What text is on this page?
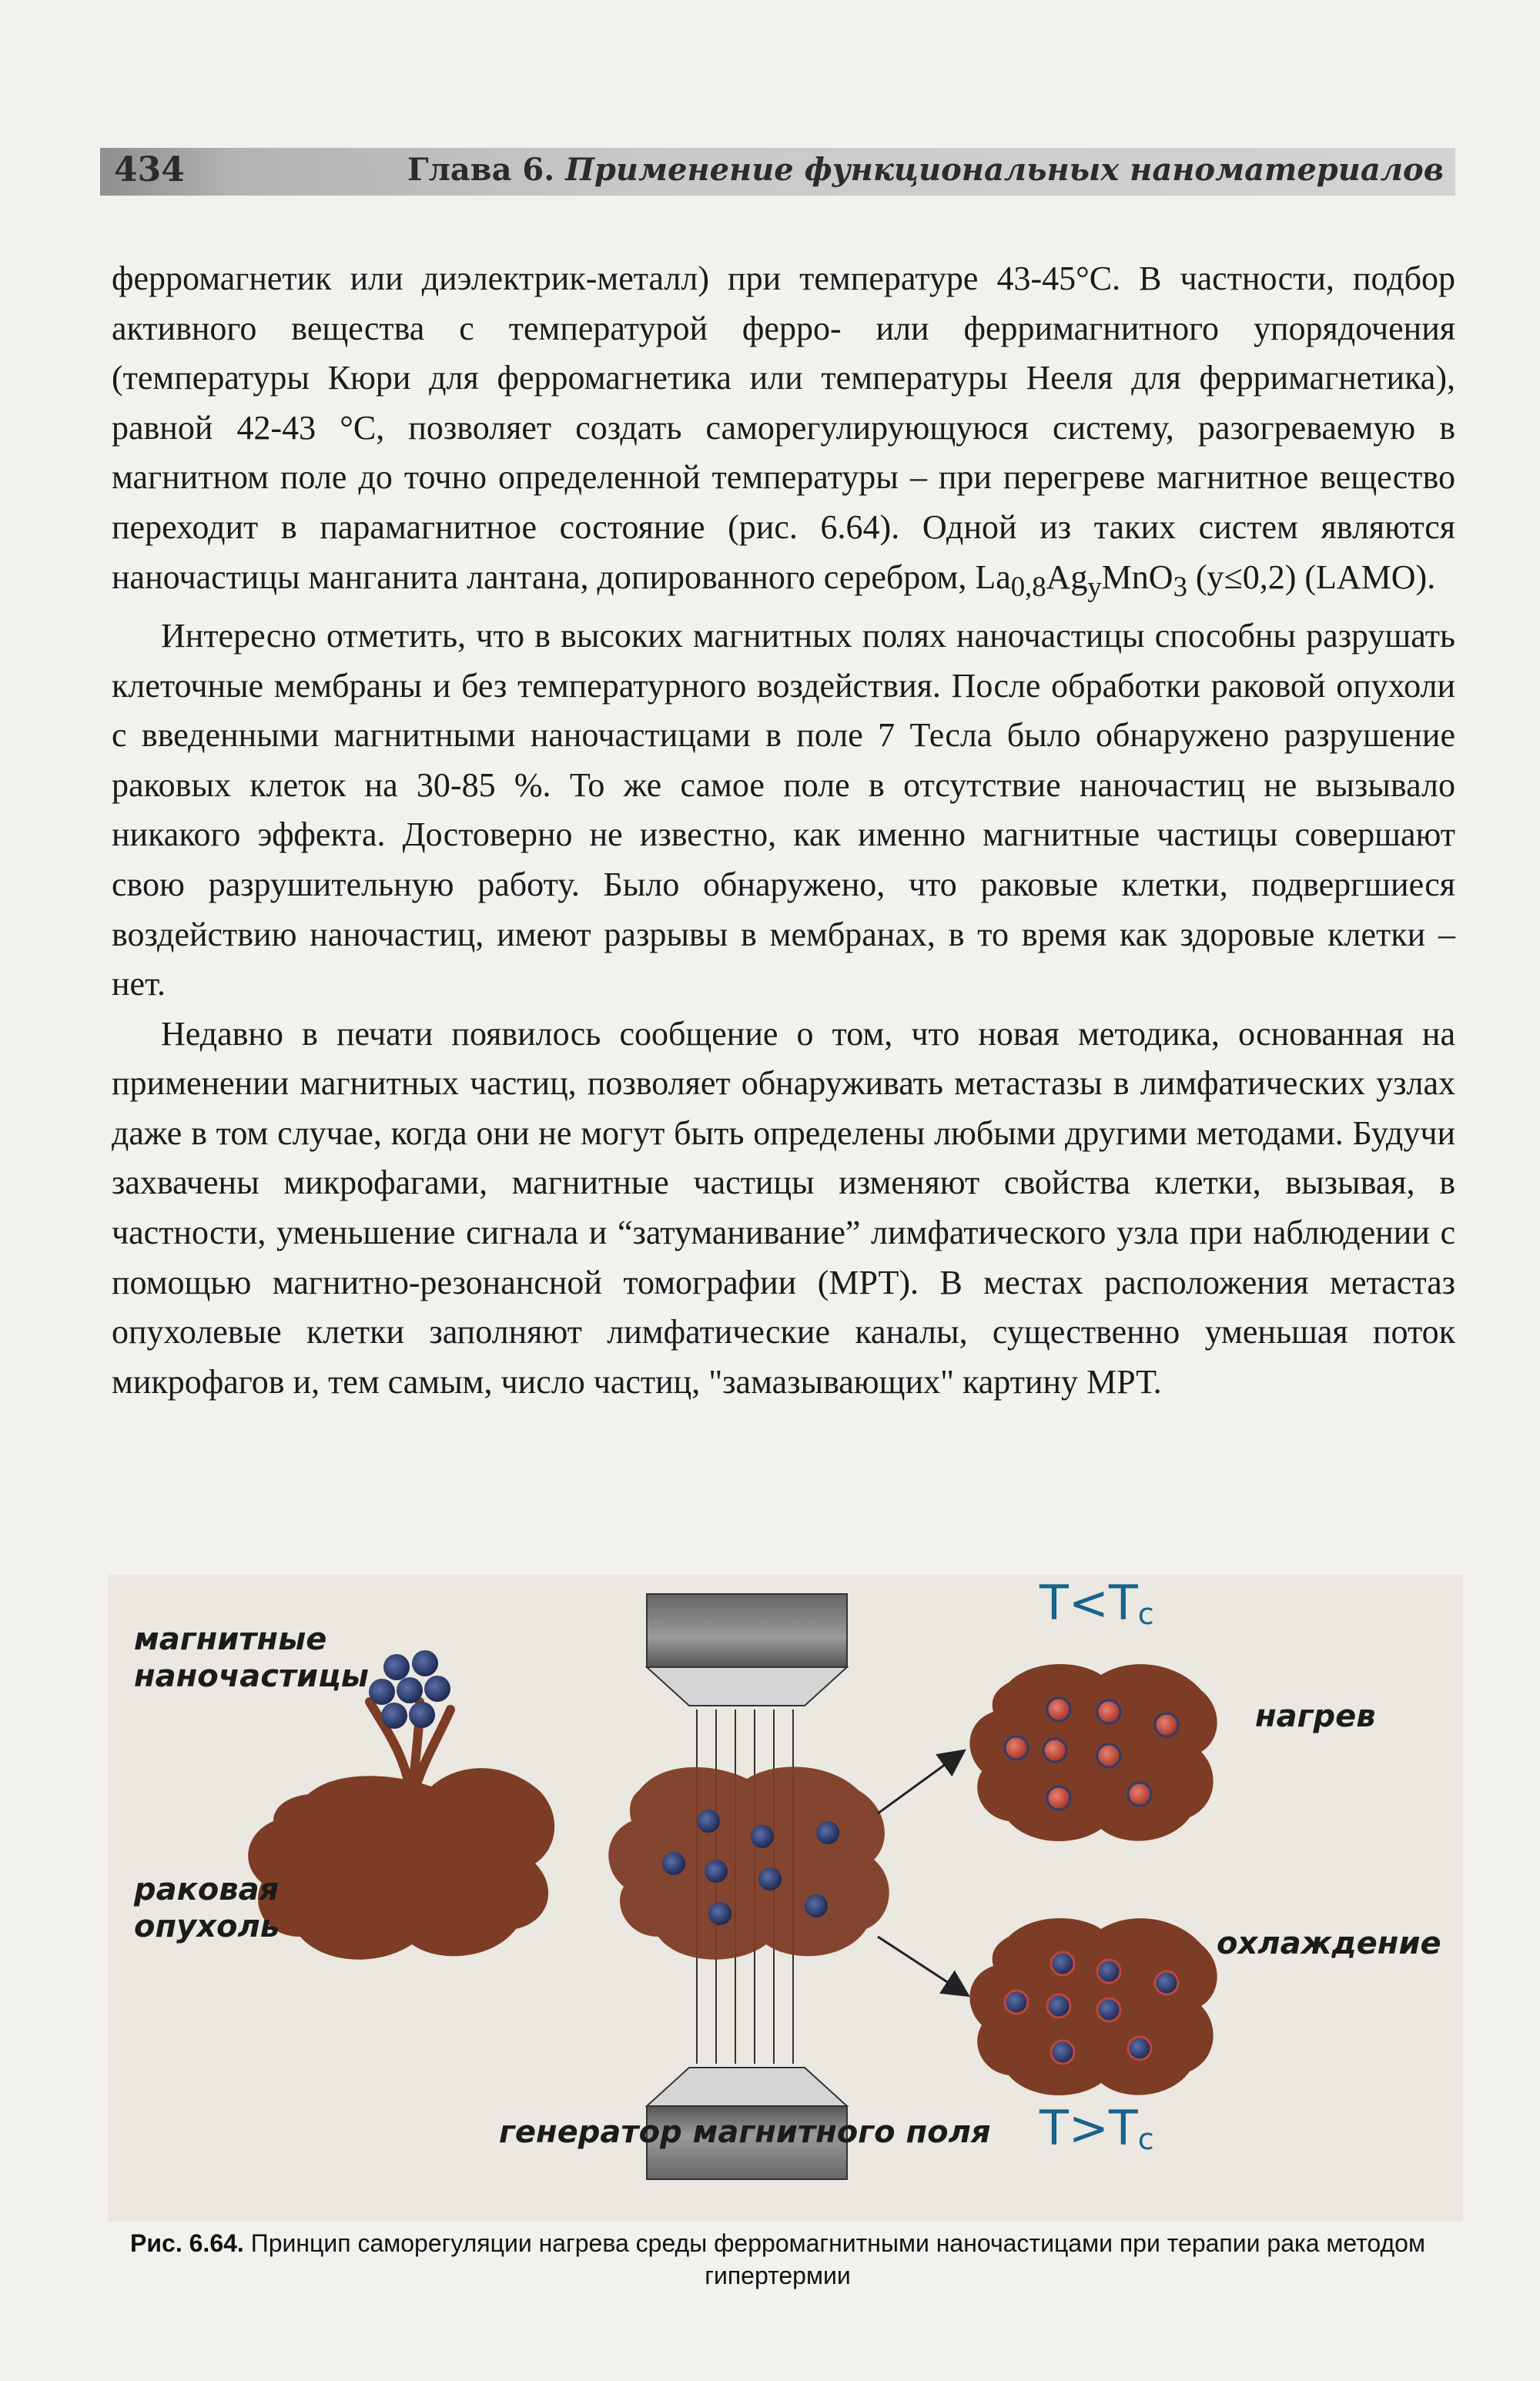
434	Глава 6. Применение функциональных наноматериалов

ферромагнетик или диэлектрик-металл) при температуре 43-45°C. В частности, подбор активного вещества с температурой ферро- или ферримагнитного упорядочения (температуры Кюри для ферромагнетика или температуры Нееля для ферримагнетика), равной 42-43 °C, позволяет создать саморегулирующуюся систему, разогреваемую в магнитном поле до точно определенной температуры – при перегреве магнитное вещество переходит в парамагнитное состояние (рис. 6.64). Одной из таких систем являются наночастицы манганита лантана, допированного серебром, $La_{0,8}Ag_yMnO_3$ (y≤0,2) (LAMO).

Интересно отметить, что в высоких магнитных полях наночастицы способны разрушать клеточные мембраны и без температурного воздействия. После обработки раковой опухоли с введенными магнитными наночастицами в поле 7 Тесла было обнаружено разрушение раковых клеток на 30-85 %. То же самое поле в отсутствие наночастиц не вызывало никакого эффекта. Достоверно не известно, как именно магнитные частицы совершают свою разрушительную работу. Было обнаружено, что раковые клетки, подвергшиеся воздействию наночастиц, имеют разрывы в мембранах, в то время как здоровые клетки – нет.

Недавно в печати появилось сообщение о том, что новая методика, основанная на применении магнитных частиц, позволяет обнаруживать метастазы в лимфатических узлах даже в том случае, когда они не могут быть определены любыми другими методами. Будучи захвачены микрофагами, магнитные частицы изменяют свойства клетки, вызывая, в частности, уменьшение сигнала и “затуманивание” лимфатического узла при наблюдении с помощью магнитно-резонансной томографии (МРТ). В местах расположения метастаз опухолевые клетки заполняют лимфатические каналы, существенно уменьшая поток микрофагов и, тем самым, число частиц, "замазывающих" картину МРТ.

магнитные
наночастицы
раковая
опухоль
генератор магнитного поля
нагрев
охлаждение
$T<T_c$
$T>T_c$
Рис. 6.64. Принцип саморегуляции нагрева среды ферромагнитными наночастицами при терапии рака методом гипертермии
